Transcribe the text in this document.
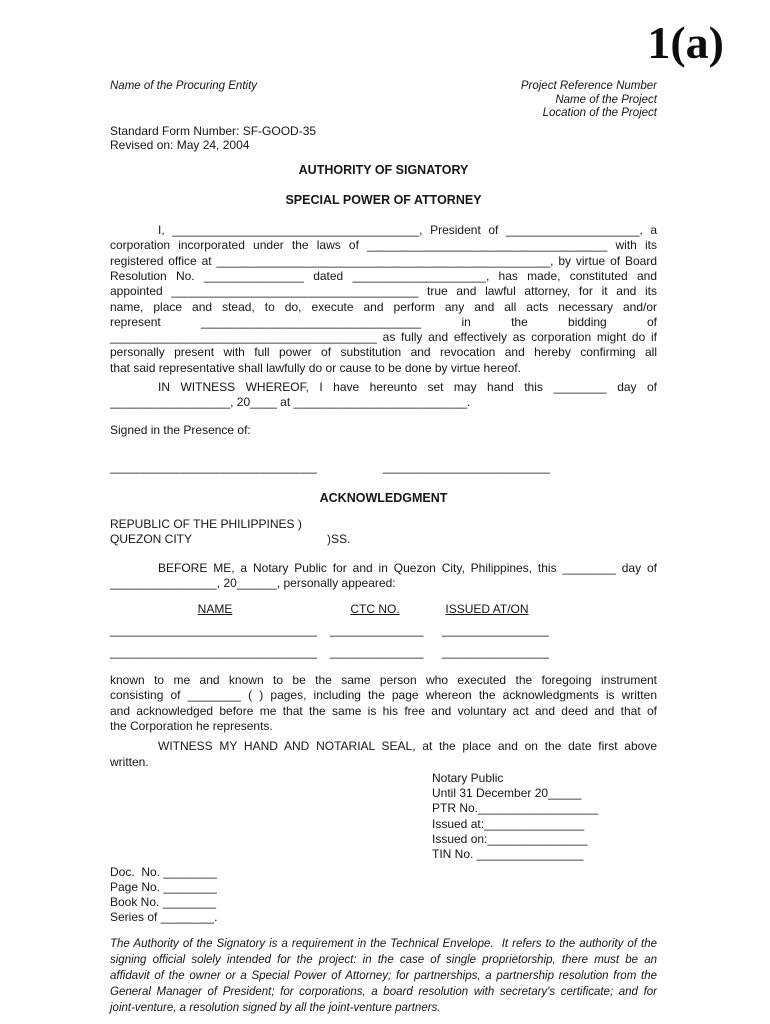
1(a)
Name of the Procuring Entity	Project Reference Number
Name of the Project
Location of the Project
Standard Form Number: SF-GOOD-35
Revised on: May 24, 2004
AUTHORITY OF SIGNATORY
SPECIAL POWER OF ATTORNEY
I, _____________________________________, President of ____________________, a
corporation incorporated under the laws of ____________________________________ with its
registered office at __________________________________________________, by virtue of Board
Resolution No. _______________ dated ____________________, has made, constituted and
appointed _____________________________________ true and lawful attorney, for it and its
name, place and stead, to do, execute and perform any and all acts necessary and/or
represent _________________________________ in the bidding of
________________________________________ as fully and effectively as corporation might do if
personally present with full power of substitution and revocation and hereby confirming all
that said representative shall lawfully do or cause to be done by virtue hereof.
IN WITNESS WHEREOF, I have hereunto set may hand this ________ day of
__________________, 20____ at __________________________.
Signed in the Presence of:
_______________________________	_________________________
ACKNOWLEDGMENT
REPUBLIC OF THE PHILIPPINES )
QUEZON CITY	)SS.
BEFORE ME, a Notary Public for and in Quezon City, Philippines, this ________ day of
________________, 20______, personally appeared:
NAME	CTC NO.	ISSUED AT/ON
_______________________________ ______________ ________________
_______________________________ ______________ ________________
known to me and known to be the same person who executed the foregoing instrument
consisting of ________ ( ) pages, including the page whereon the acknowledgments is written
and acknowledged before me that the same is his free and voluntary act and deed and that of
the Corporation he represents.
WITNESS MY HAND AND NOTARIAL SEAL, at the place and on the date first above
written.
Notary Public
Until 31 December 20_____
PTR No.__________________
Issued at:_______________
Issued on:_______________
TIN No. ________________
Doc.  No. ________
Page No. ________
Book No. ________
Series of ________.
The Authority of the Signatory is a requirement in the Technical Envelope.  It refers to the authority of the
signing official solely intended for the project: in the case of single proprietorship, there must be an
affidavit of the owner or a Special Power of Attorney; for partnerships, a partnership resolution from the
General Manager of President; for corporations, a board resolution with secretary's certificate; and for
joint-venture, a resolution signed by all the joint-venture partners.
